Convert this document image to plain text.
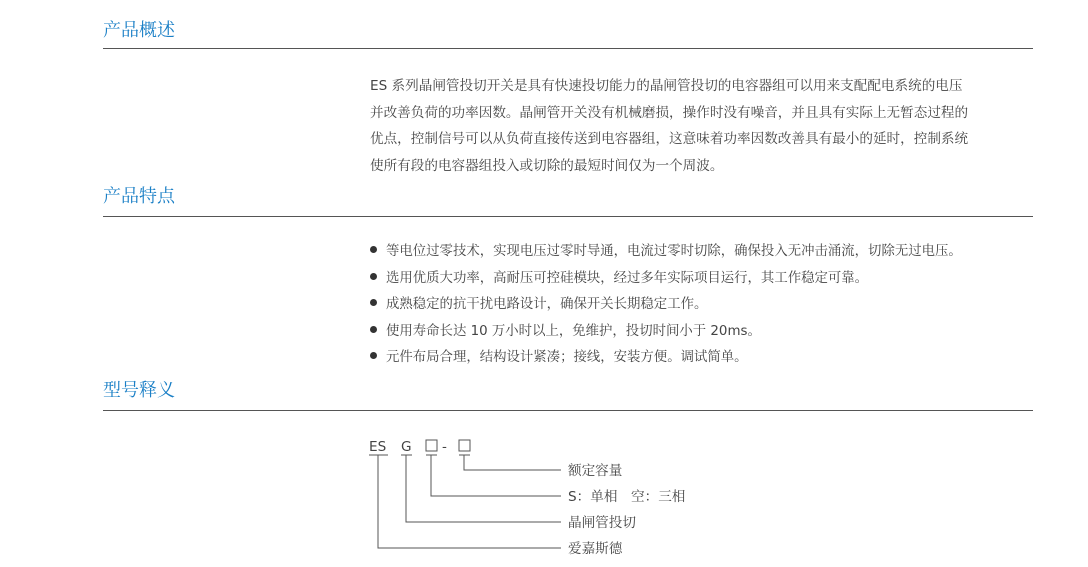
产品概述

ES 系列晶闸管投切开关是具有快速投切能力的晶闸管投切的电容器组可以用来支配配电系统的电压
并改善负荷的功率因数。晶闸管开关没有机械磨损，操作时没有噪音，并且具有实际上无暂态过程的
优点，控制信号可以从负荷直接传送到电容器组，这意味着功率因数改善具有最小的延时，控制系统
使所有段的电容器组投入或切除的最短时间仅为一个周波。

产品特点
等电位过零技术，实现电压过零时导通，电流过零时切除，确保投入无冲击涌流，切除无过电压。
选用优质大功率，高耐压可控硅模块，经过多年实际项目运行，其工作稳定可靠。
成熟稳定的抗干扰电路设计，确保开关长期稳定工作。
使用寿命长达 10 万小时以上，免维护，投切时间小于 20ms。
元件布局合理，结构设计紧凑；接线，安装方便。调试简单。
型号释义
ES G -
额定容量
S：单相　空：三相
晶闸管投切
爱嘉斯德
